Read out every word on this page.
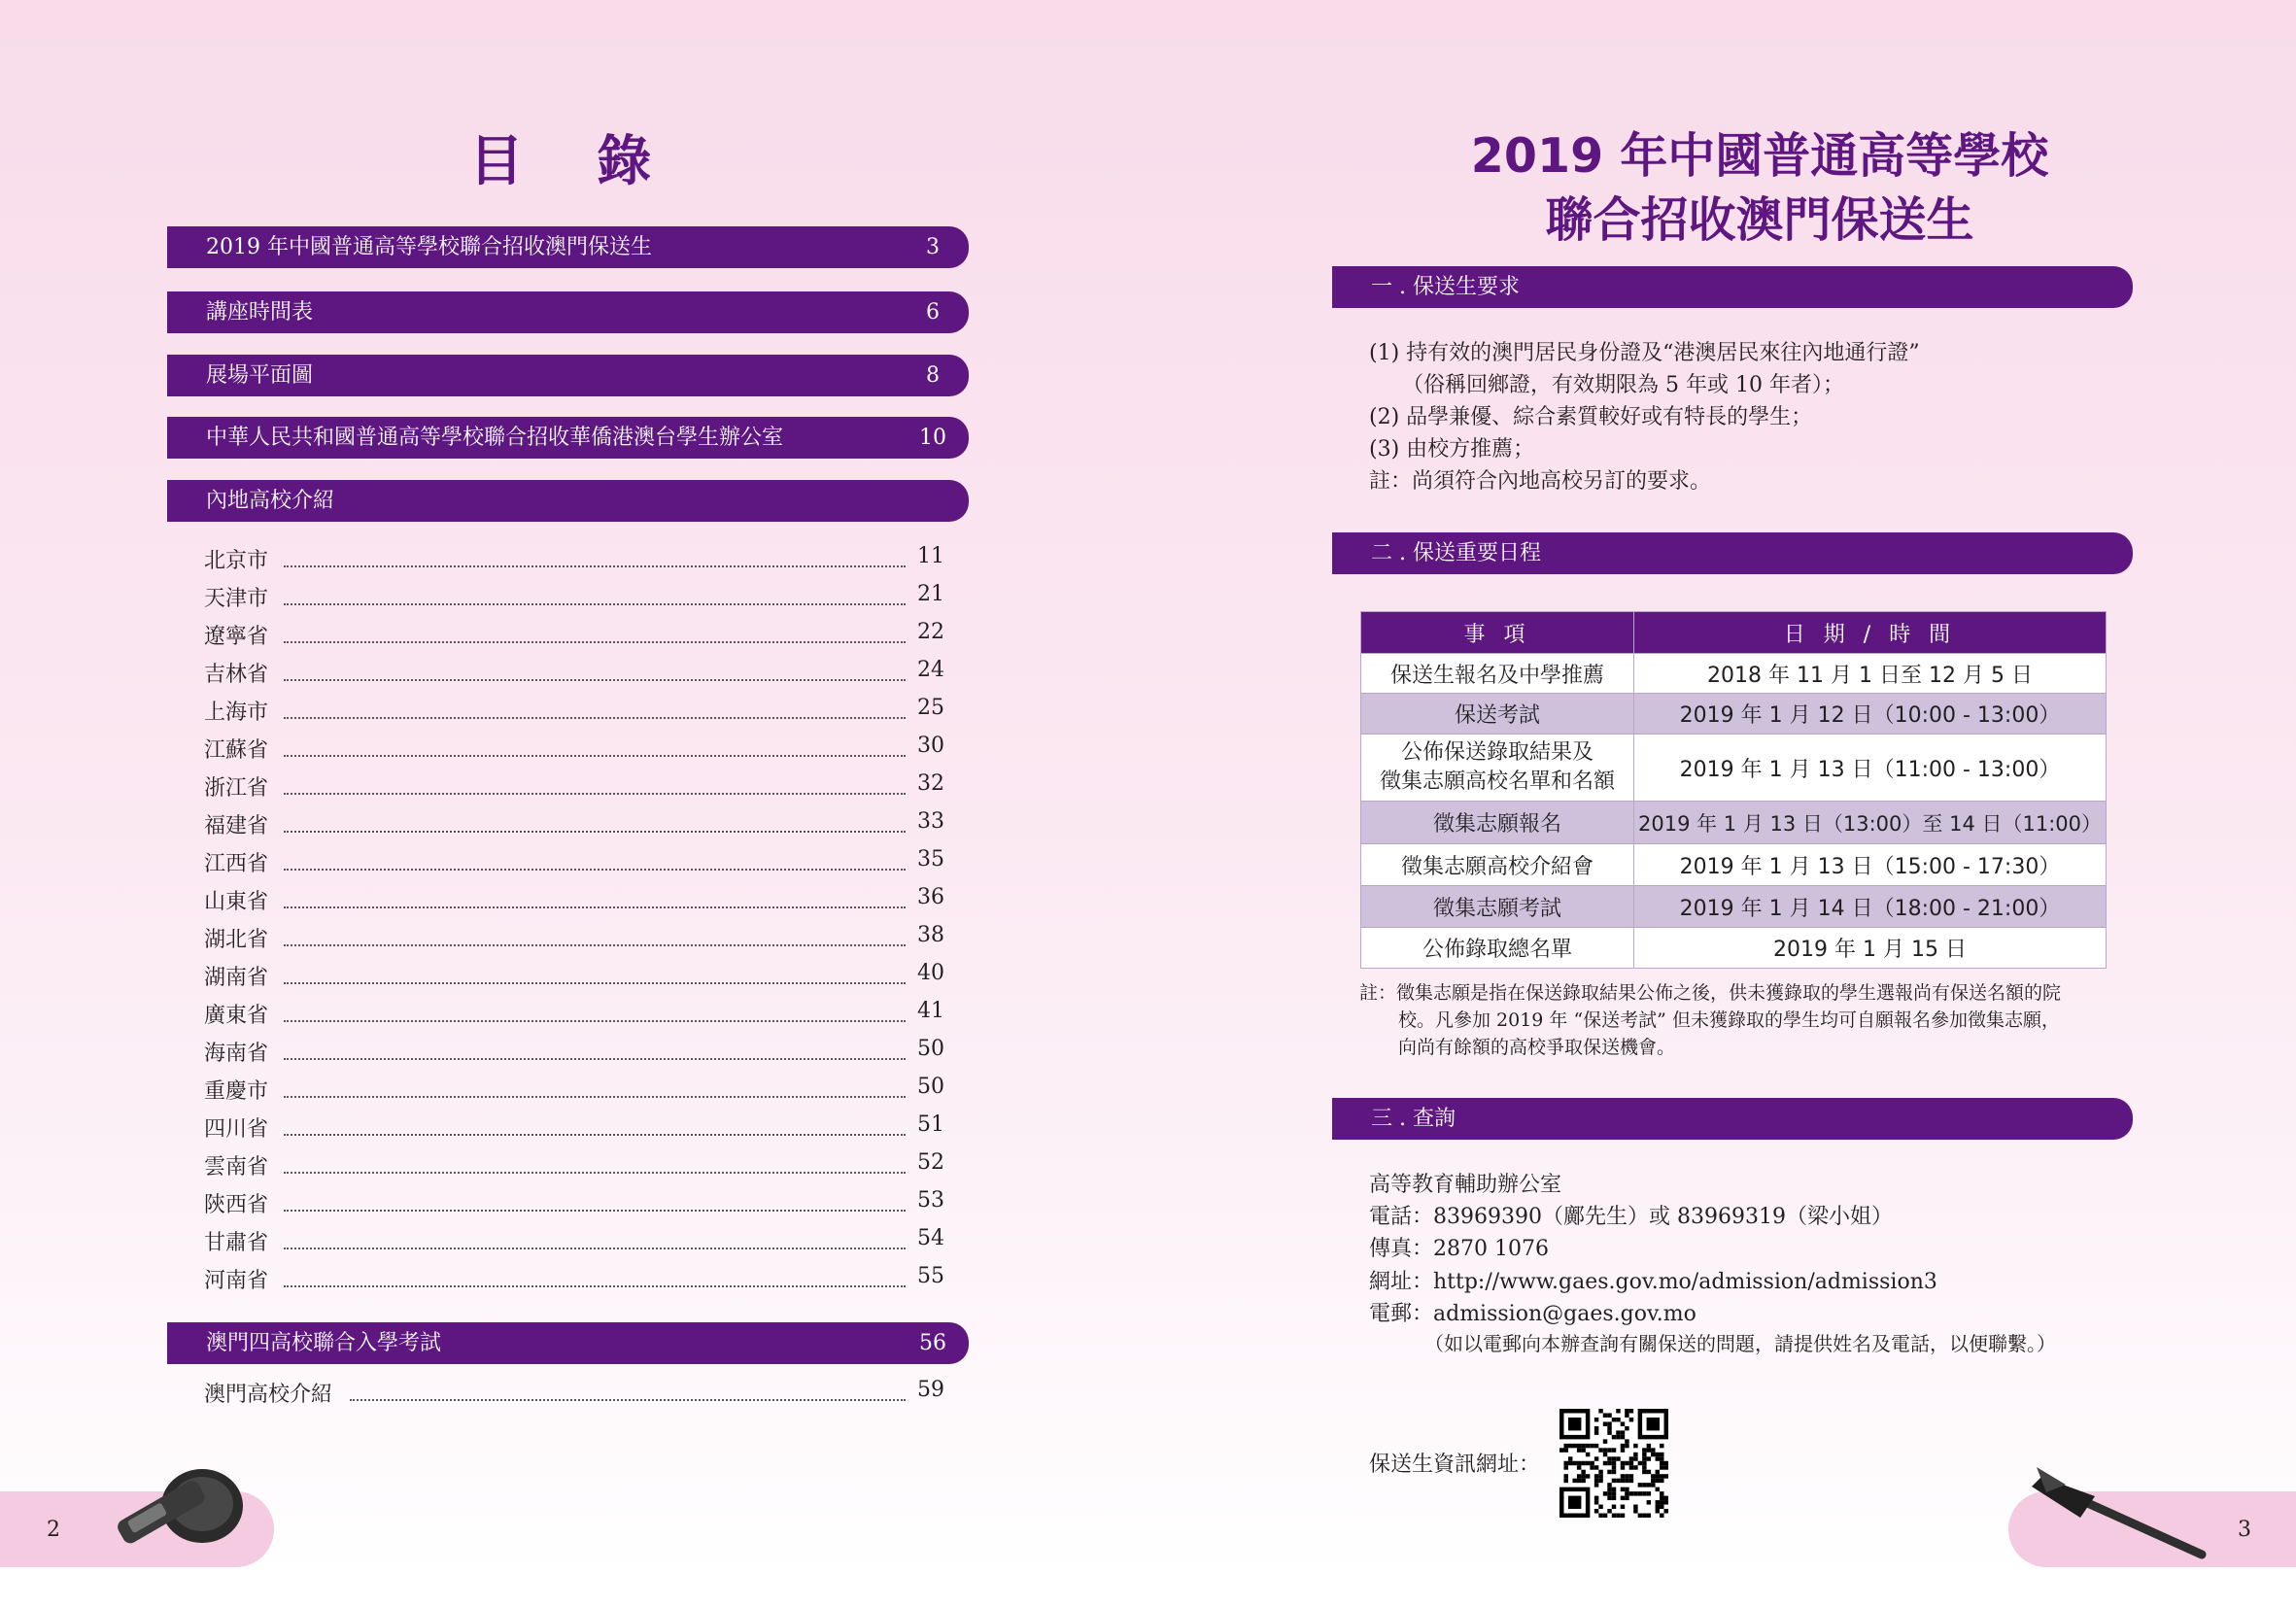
目 錄
2019 年中國普通高等學校聯合招收澳門保送生	3
講座時間表	6
展場平面圖	8
中華人民共和國普通高等學校聯合招收華僑港澳台學生辦公室	10
內地高校介紹
北京市	11
天津市	21
遼寧省	22
吉林省	24
上海市	25
江蘇省	30
浙江省	32
福建省	33
江西省	35
山東省	36
湖北省	38
湖南省	40
廣東省	41
海南省	50
重慶市	50
四川省	51
雲南省	52
陝西省	53
甘肅省	54
河南省	55
澳門四高校聯合入學考試	56
澳門高校介紹	59
2
2019 年中國普通高等學校
聯合招收澳門保送生
一 . 保送生要求
(1) 持有效的澳門居民身份證及“港澳居民來往內地通行證”
（俗稱回鄉證，有效期限為 5 年或 10 年者）；
(2) 品學兼優、綜合素質較好或有特長的學生；
(3) 由校方推薦；
註：尚須符合內地高校另訂的要求。
二 . 保送重要日程
事 項	日 期 / 時 間
保送生報名及中學推薦	2018 年 11 月 1 日至 12 月 5 日
保送考試	2019 年 1 月 12 日（10:00 - 13:00）

公佈保送錄取結果及
徵集志願高校名單和名額	2019 年 1 月 13 日（11:00 - 13:00）
徵集志願報名	2019 年 1 月 13 日（13:00）至 14 日（11:00）
徵集志願高校介紹會	2019 年 1 月 13 日（15:00 - 17:30）
徵集志願考試	2019 年 1 月 14 日（18:00 - 21:00）
公佈錄取總名單	2019 年 1 月 15 日
註：徵集志願是指在保送錄取結果公佈之後，供未獲錄取的學生選報尚有保送名額的院
校。凡參加 2019 年 “保送考試” 但未獲錄取的學生均可自願報名參加徵集志願，
向尚有餘額的高校爭取保送機會。
三 . 查詢
高等教育輔助辦公室
電話：83969390（鄺先生）或 83969319（梁小姐）
傳真：2870 1076
網址：http://www.gaes.gov.mo/admission/admission3
電郵：admission@gaes.gov.mo
（如以電郵向本辦查詢有關保送的問題，請提供姓名及電話，以便聯繫。）
保送生資訊網址：
3
